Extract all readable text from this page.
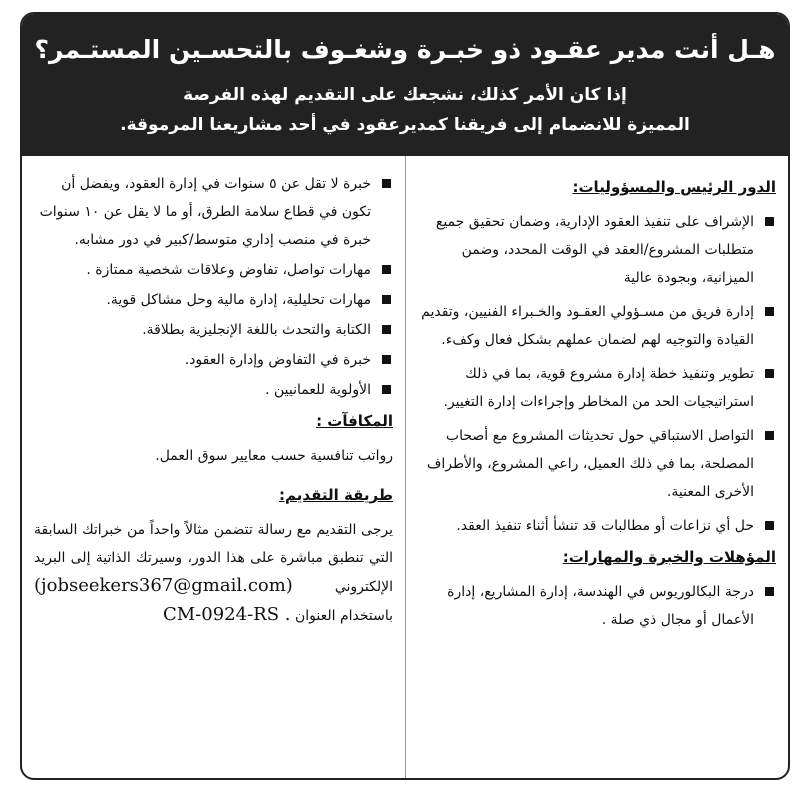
هـل أنت مدير عقـود ذو خبـرة وشغـوف بالتحسـين المستـمر؟
إذا كان الأمر كذلك، نشجعك على التقديم لهذه الفرصة
المميزة للانضمام إلى فريقنا كمديرعقود في أحد مشاريعنا المرموقة.
الدور الرئيس والمسؤوليات:
الإشراف على تنفيذ العقود الإدارية، وضمان تحقيق جميع متطلبات المشروع/العقد في الوقت المحدد، وضمن الميزانية، وبجودة عالية
إدارة فريق من مسـؤولي العقـود والخـبراء الفنيين، وتقديم القيادة والتوجيه لهم لضمان عملهم بشكل فعال وكفء.
تطوير وتنفيذ خطة إدارة مشروع قوية، بما في ذلك استراتيجيات الحد من المخاطر وإجراءات إدارة التغيير.
التواصل الاستباقي حول تحديثات المشروع مع أصحاب المصلحة، بما في ذلك العميل، راعي المشروع، والأطراف الأخرى المعنية.
حل أي نزاعات أو مطالبات قد تنشأ أثناء تنفيذ العقد.
المؤهلات والخبرة والمهارات:
درجة البكالوريوس في الهندسة، إدارة المشاريع، إدارة الأعمال أو مجال ذي صلة .
خبرة لا تقل عن ٥ سنوات في إدارة العقود، ويفضل أن تكون في قطاع سلامة الطرق، أو ما لا يقل عن ١٠ سنوات خبرة في منصب إداري متوسط/كبير في دور مشابه.
مهارات تواصل، تفاوض وعلاقات شخصية ممتازة .
مهارات تحليلية، إدارة مالية وحل مشاكل قوية.
الكتابة والتحدث باللغة الإنجليزية بطلاقة.
خبرة في التفاوض وإدارة العقود.
الأولوية للعمانيين .
المكافآت :

رواتب تنافسية حسب معايير سوق العمل.

طريقة التقديم:

يرجى التقديم مع رسالة تتضمن مثالاً واحداً من خبراتك السابقة التي تنطبق مباشرة على هذا الدور، وسيرتك الذاتية إلى البريد الإلكتروني (jobseekers367@gmail.com) باستخدام العنوان CM-0924-RS .
